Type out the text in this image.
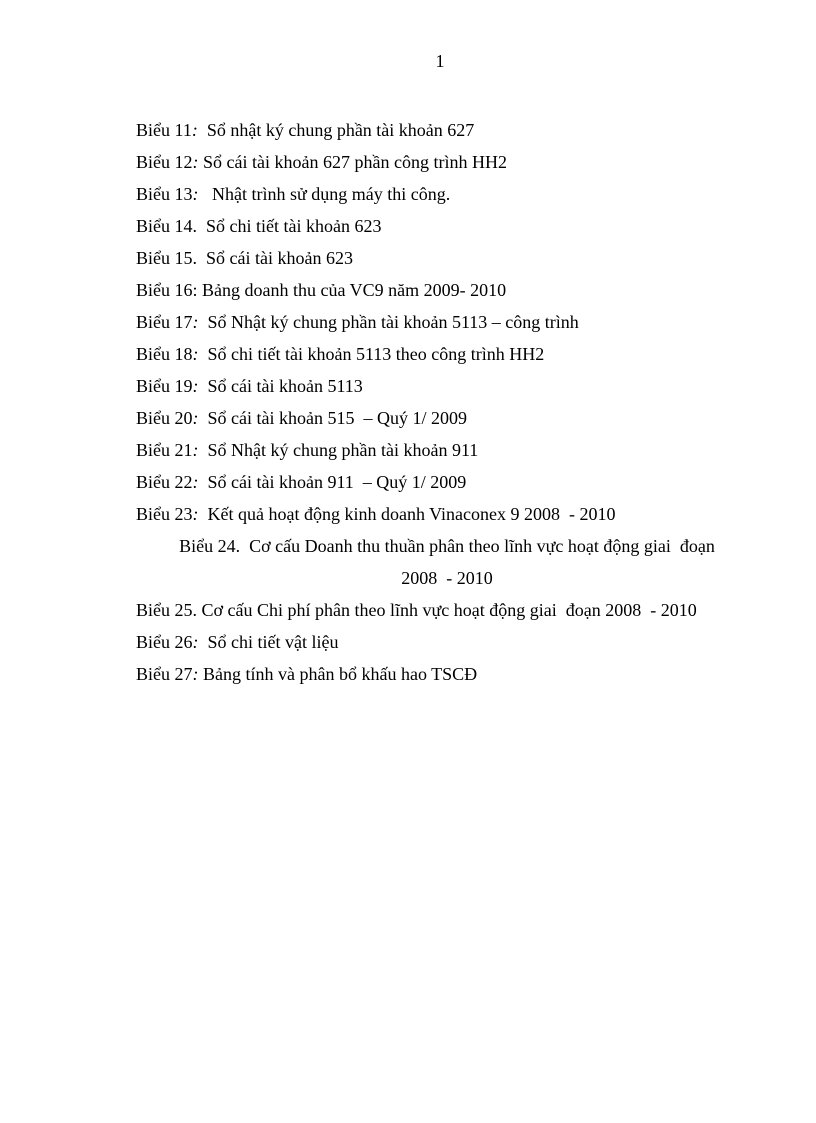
1
Biểu 11:  Sổ nhật ký chung phần tài khoản 627
Biểu 12: Sổ cái tài khoản 627 phần công trình HH2
Biểu 13:   Nhật trình sử dụng máy thi công.
Biểu 14.  Sổ chi tiết tài khoản 623
Biểu 15.  Sổ cái tài khoản 623
Biểu 16: Bảng doanh thu của VC9 năm 2009- 2010
Biểu 17:  Sổ Nhật ký chung phần tài khoản 5113 – công trình
Biểu 18:  Sổ chi tiết tài khoản 5113 theo công trình HH2
Biểu 19:  Sổ cái tài khoản 5113
Biểu 20:  Sổ cái tài khoản 515  – Quý 1/ 2009
Biểu 21:  Sổ Nhật ký chung phần tài khoản 911
Biểu 22:  Sổ cái tài khoản 911  – Quý 1/ 2009
Biểu 23:  Kết quả hoạt động kinh doanh Vinaconex 9 2008  - 2010
Biểu 24.  Cơ cấu Doanh thu thuần phân theo lĩnh vực hoạt động giai  đoạn
2008  - 2010
Biểu 25. Cơ cấu Chi phí phân theo lĩnh vực hoạt động giai  đoạn 2008  - 2010
Biểu 26:  Sổ chi tiết vật liệu
Biểu 27: Bảng tính và phân bổ khấu hao TSCĐ
